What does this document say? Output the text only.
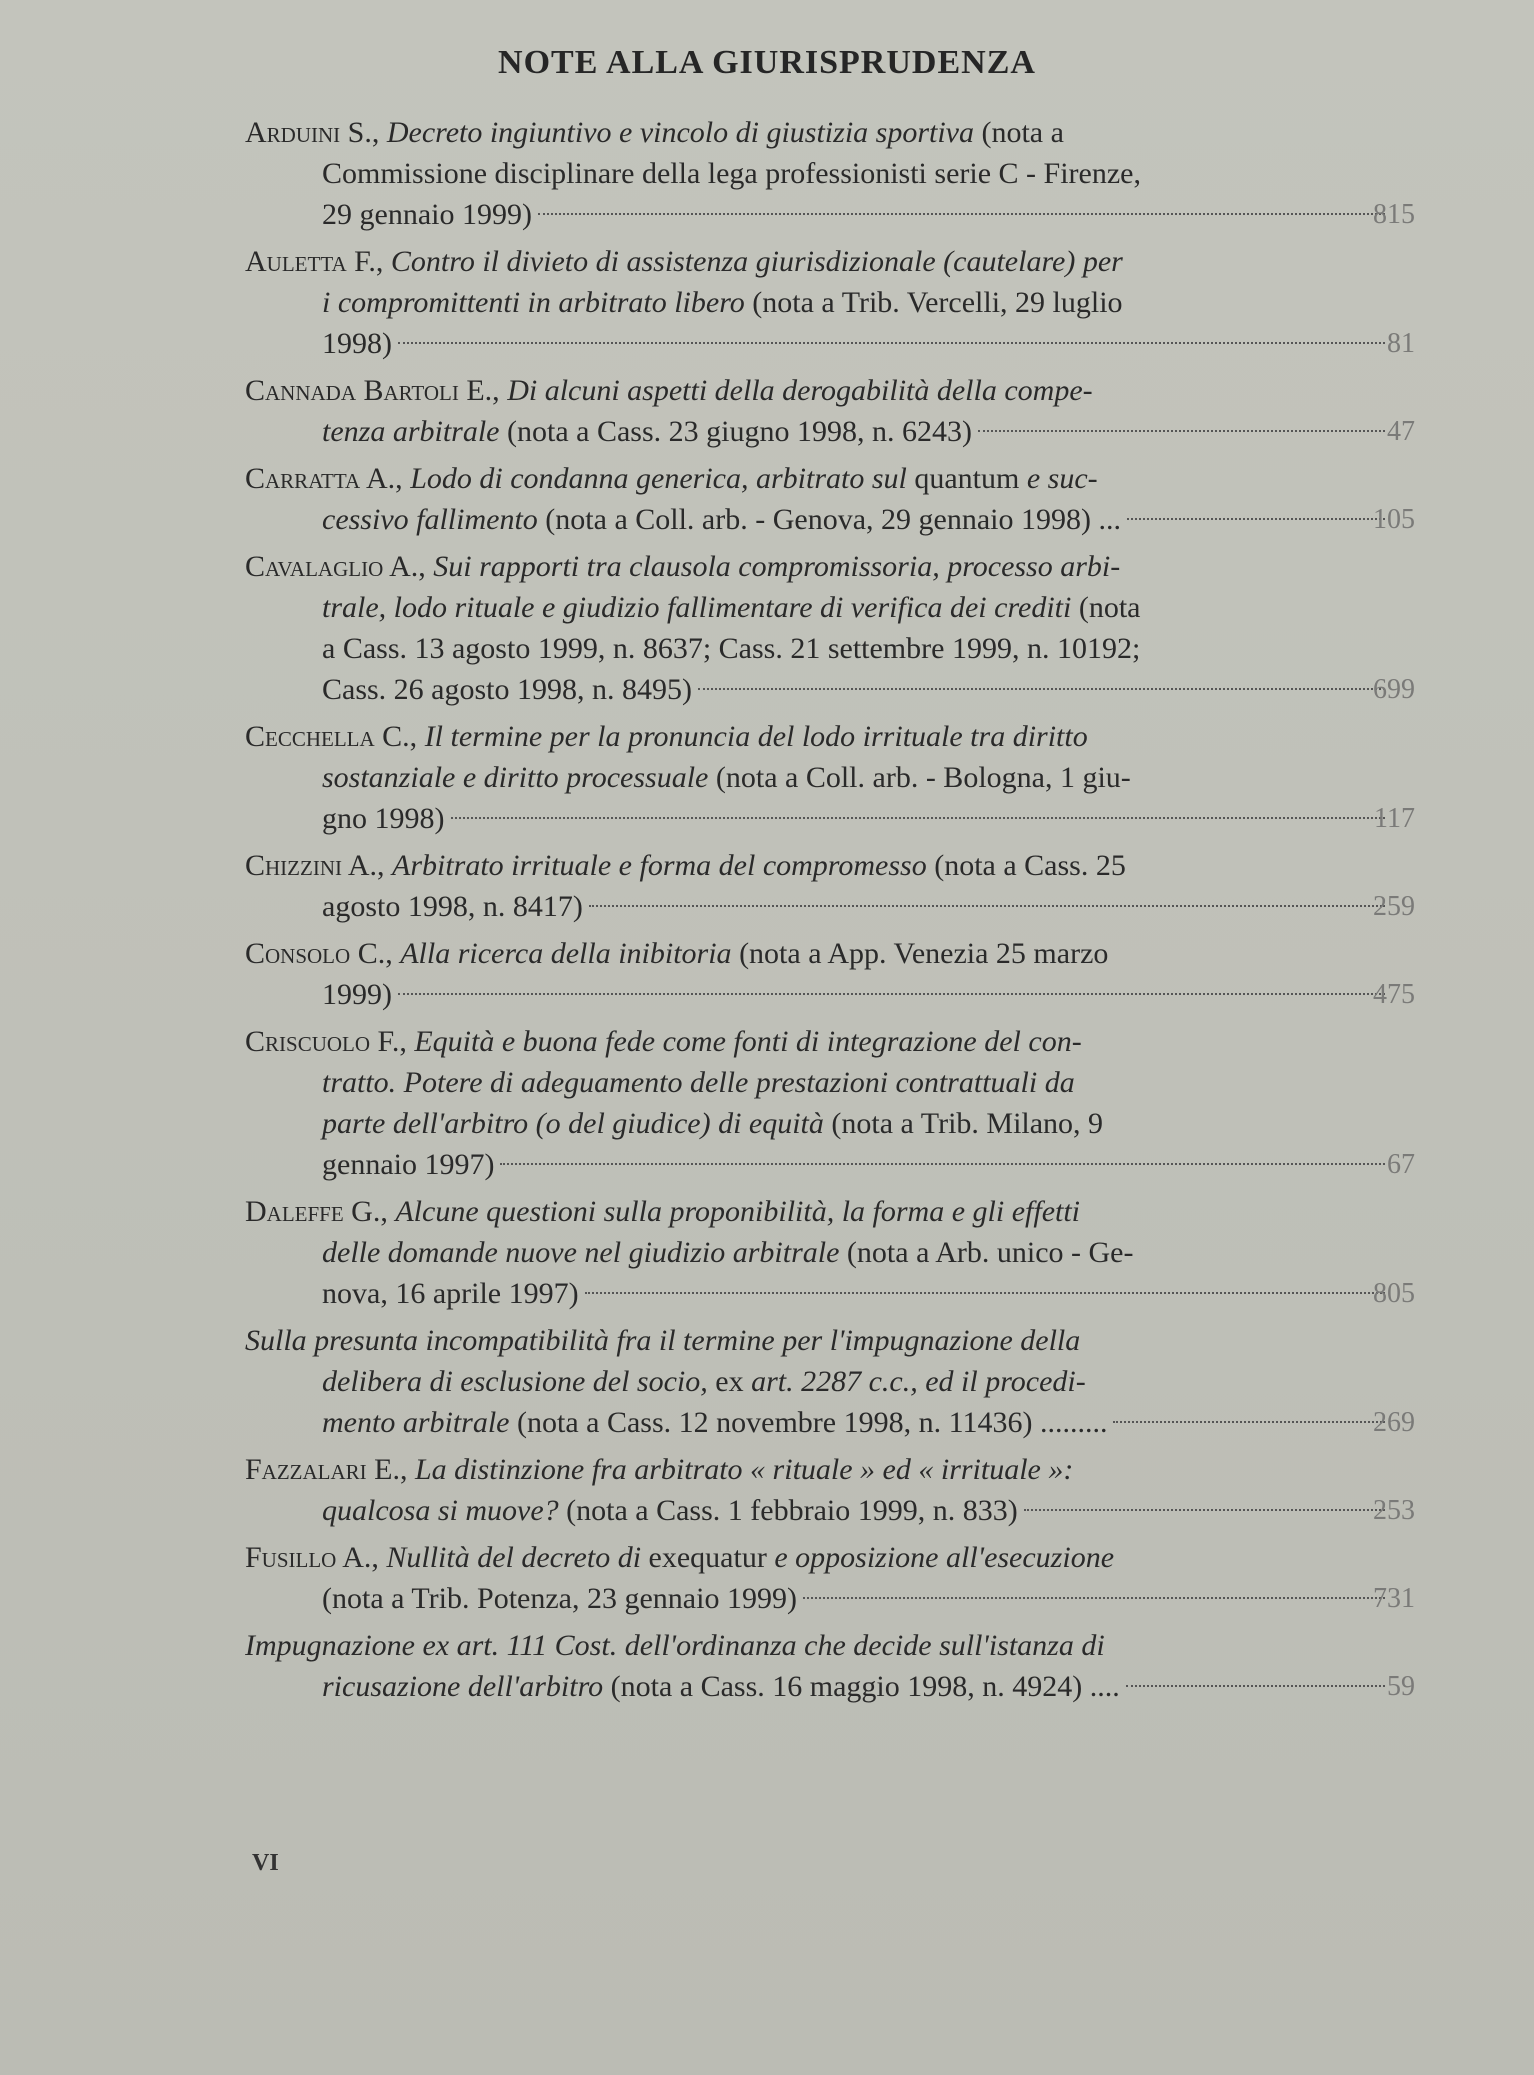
NOTE ALLA GIURISPRUDENZA
Arduini S., Decreto ingiuntivo e vincolo di giustizia sportiva (nota a
Commissione disciplinare della lega professionisti serie C - Firenze,
29 gennaio 1999)	815
Auletta F., Contro il divieto di assistenza giurisdizionale (cautelare) per
i compromittenti in arbitrato libero (nota a Trib. Vercelli, 29 luglio
1998)	81
Cannada Bartoli E., Di alcuni aspetti della derogabilità della compe-
tenza arbitrale (nota a Cass. 23 giugno 1998, n. 6243)	47
Carratta A., Lodo di condanna generica, arbitrato sul quantum e suc-
cessivo fallimento (nota a Coll. arb. - Genova, 29 gennaio 1998) ...	105
Cavalaglio A., Sui rapporti tra clausola compromissoria, processo arbi-
trale, lodo rituale e giudizio fallimentare di verifica dei crediti (nota
a Cass. 13 agosto 1999, n. 8637; Cass. 21 settembre 1999, n. 10192;
Cass. 26 agosto 1998, n. 8495)	699
Cecchella C., Il termine per la pronuncia del lodo irrituale tra diritto
sostanziale e diritto processuale (nota a Coll. arb. - Bologna, 1 giu-
gno 1998)	117
Chizzini A., Arbitrato irrituale e forma del compromesso (nota a Cass. 25
agosto 1998, n. 8417)	259
Consolo C., Alla ricerca della inibitoria (nota a App. Venezia 25 marzo
1999)	475
Criscuolo F., Equità e buona fede come fonti di integrazione del con-
tratto. Potere di adeguamento delle prestazioni contrattuali da
parte dell'arbitro (o del giudice) di equità (nota a Trib. Milano, 9
gennaio 1997)	67
Daleffe G., Alcune questioni sulla proponibilità, la forma e gli effetti
delle domande nuove nel giudizio arbitrale (nota a Arb. unico - Ge-
nova, 16 aprile 1997)	805
Sulla presunta incompatibilità fra il termine per l'impugnazione della
delibera di esclusione del socio, ex art. 2287 c.c., ed il procedi-
mento arbitrale (nota a Cass. 12 novembre 1998, n. 11436) .........	269
Fazzalari E., La distinzione fra arbitrato « rituale » ed « irrituale »:
qualcosa si muove? (nota a Cass. 1 febbraio 1999, n. 833)	253
Fusillo A., Nullità del decreto di exequatur e opposizione all'esecuzione
(nota a Trib. Potenza, 23 gennaio 1999)	731
Impugnazione ex art. 111 Cost. dell'ordinanza che decide sull'istanza di
ricusazione dell'arbitro (nota a Cass. 16 maggio 1998, n. 4924) ....	59
VI
